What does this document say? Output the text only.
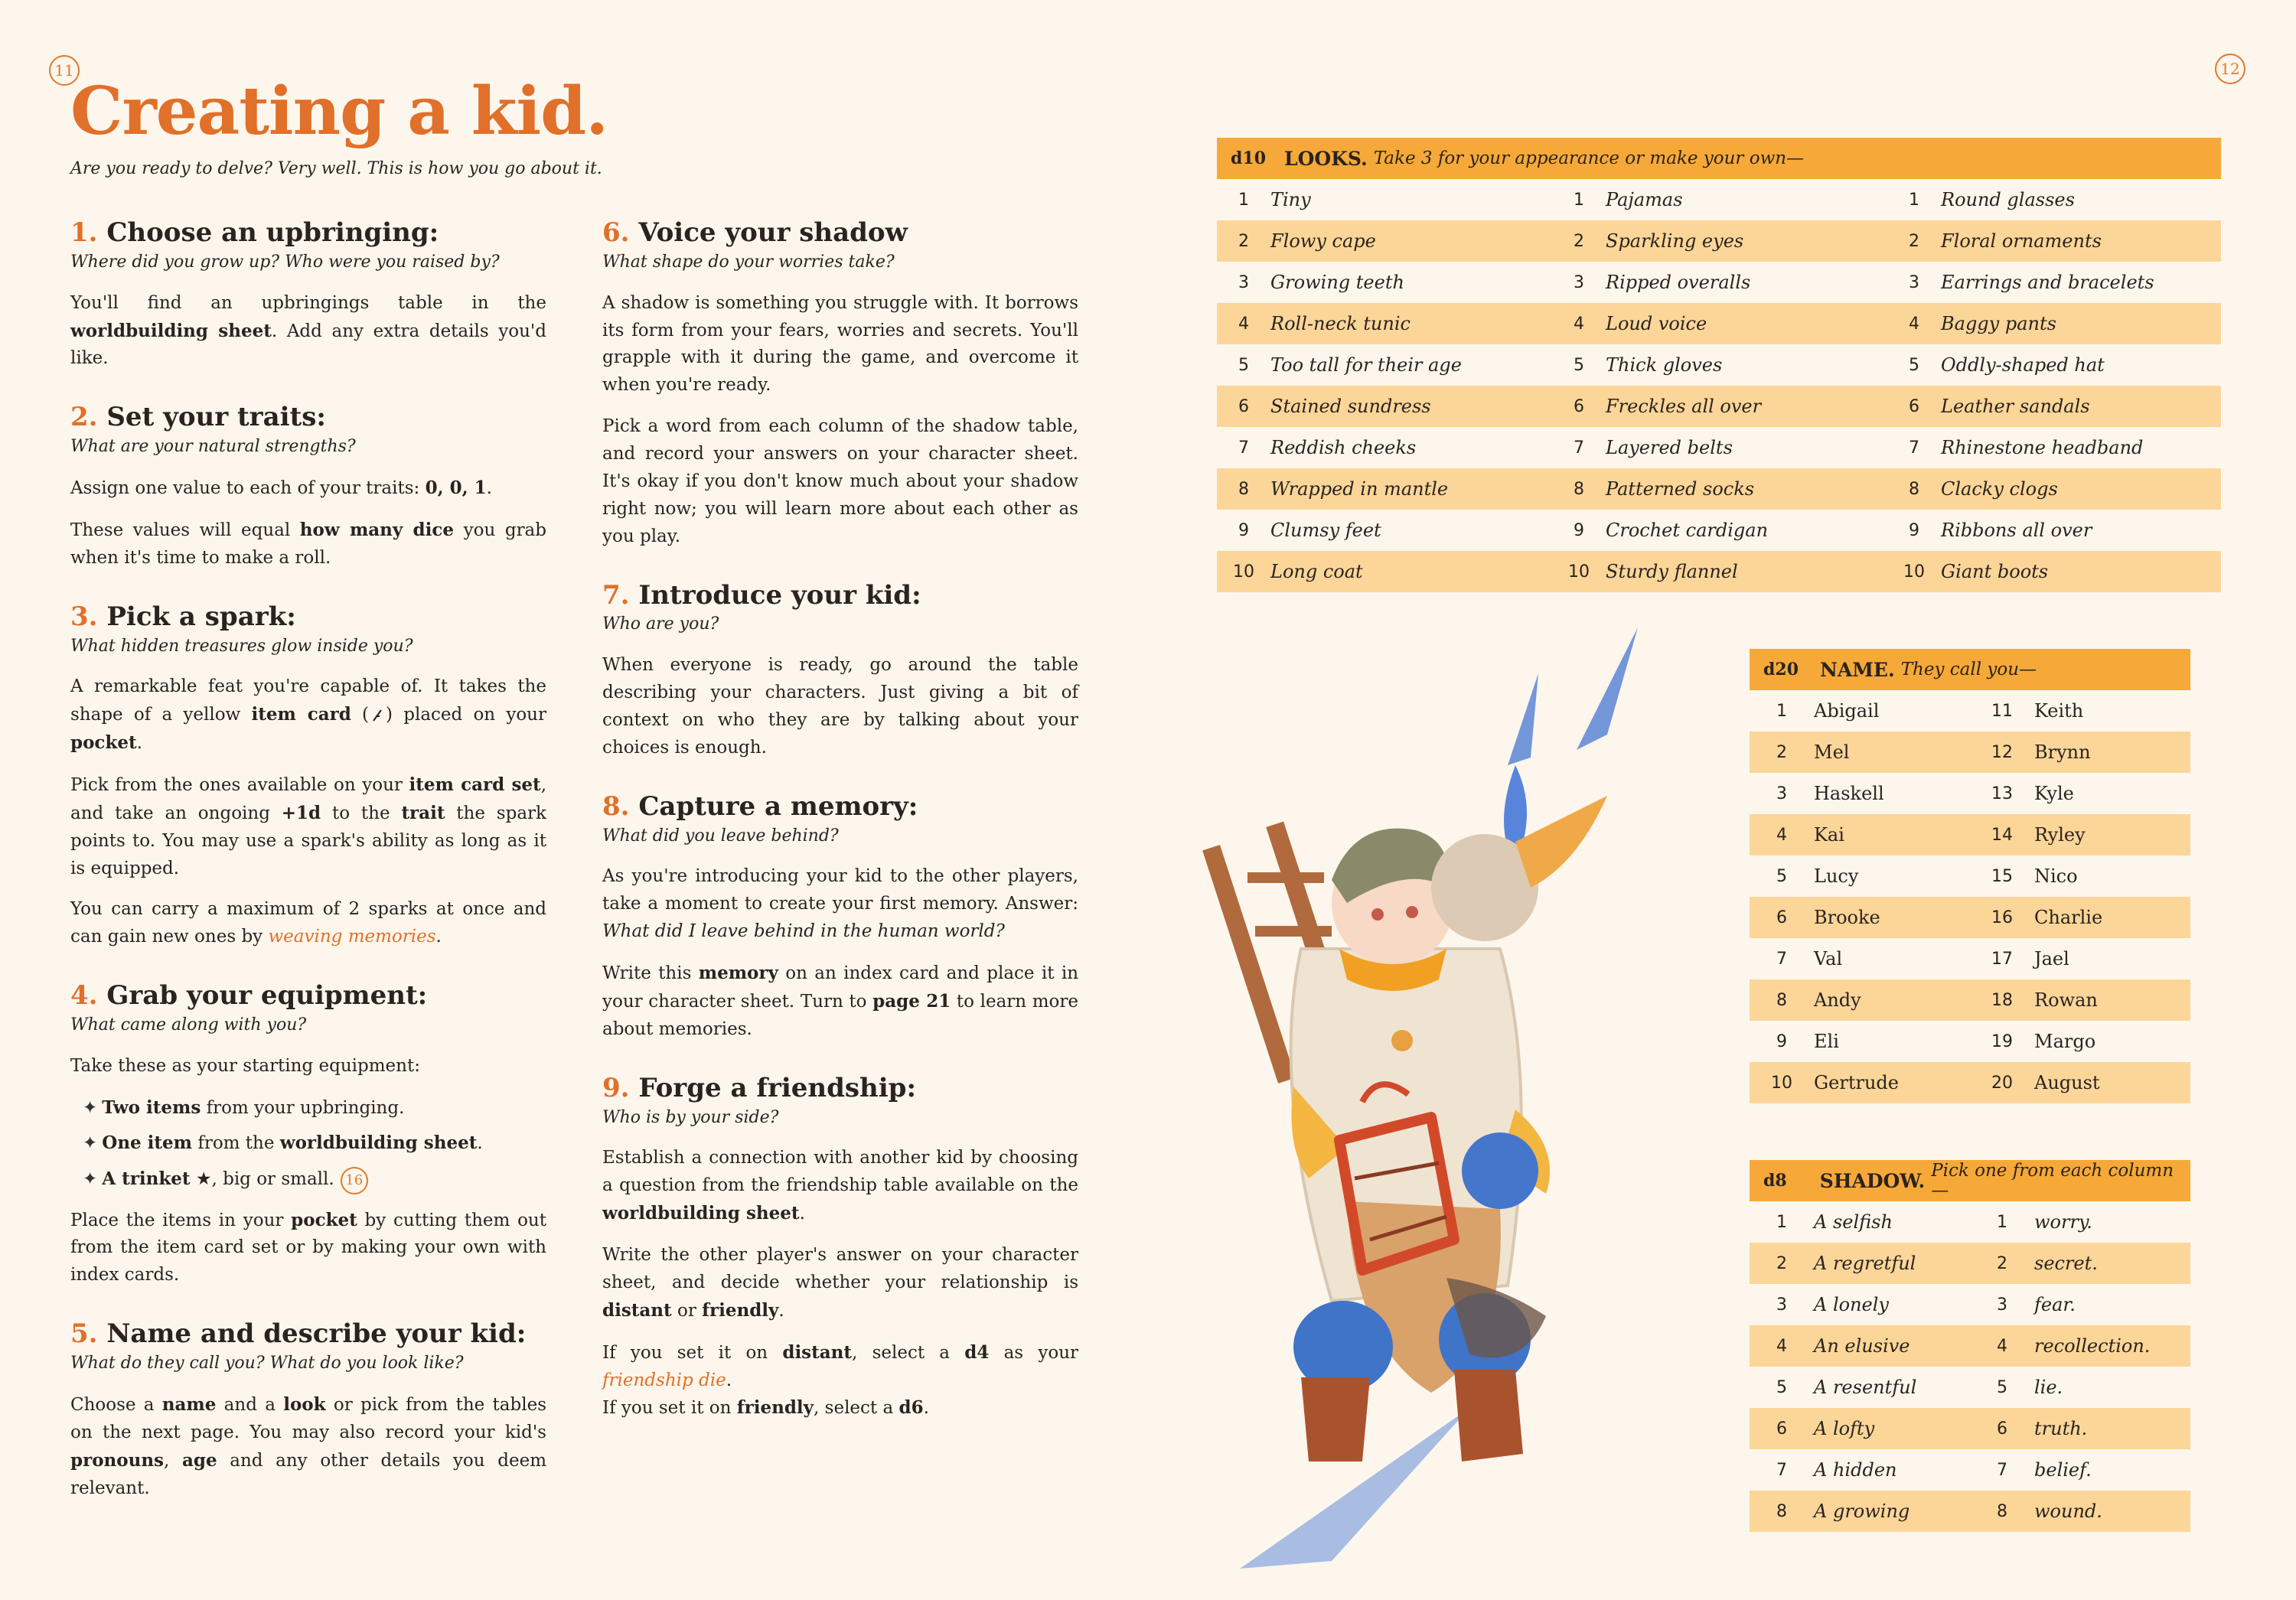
11	12
Creating a kid.

Are you ready to delve? Very well. This is how you go about it.

1. Choose an upbringing:
Where did you grow up? Who were you raised by?

You'll find an upbringings table in the worldbuilding sheet. Add any extra details you'd like.

2. Set your traits:
What are your natural strengths?

Assign one value to each of your traits: 0, 0, 1.

These values will equal how many dice you grab when it's time to make a roll.

3. Pick a spark:
What hidden treasures glow inside you?

A remarkable feat you're capable of. It takes the shape of a yellow item card ( ) placed on your pocket.

Pick from the ones available on your item card set, and take an ongoing +1d to the trait the spark points to. You may use a spark's ability as long as it is equipped.

You can carry a maximum of 2 sparks at once and can gain new ones by weaving memories.

4. Grab your equipment:
What came along with you?

Take these as your starting equipment:

✦ Two items from your upbringing.
✦ One item from the worldbuilding sheet.
✦ A trinket ★, big or small. 16

Place the items in your pocket by cutting them out from the item card set or by making your own with index cards.

5. Name and describe your kid:
What do they call you? What do you look like?

Choose a name and a look or pick from the tables on the next page. You may also record your kid's pronouns, age and any other details you deem relevant.

6. Voice your shadow
What shape do your worries take?

A shadow is something you struggle with. It borrows its form from your fears, worries and secrets. You'll grapple with it during the game, and overcome it when you're ready.

Pick a word from each column of the shadow table, and record your answers on your character sheet. It's okay if you don't know much about your shadow right now; you will learn more about each other as you play.

7. Introduce your kid:
Who are you?

When everyone is ready, go around the table describing your characters. Just giving a bit of context on who they are by talking about your choices is enough.

8. Capture a memory:
What did you leave behind?

As you're introducing your kid to the other players, take a moment to create your first memory. Answer: What did I leave behind in the human world?

Write this memory on an index card and place it in your character sheet. Turn to page 21 to learn more about memories.

9. Forge a friendship:
Who is by your side?

Establish a connection with another kid by choosing a question from the friendship table available on the worldbuilding sheet.

Write the other player's answer on your character sheet, and decide whether your relationship is distant or friendly.

If you set it on distant, select a d4 as your friendship die.
If you set it on friendly, select a d6.

d10 LOOKS. Take 3 for your appearance or make your own—
1	Tiny	1	Pajamas	1	Round glasses
2	Flowy cape	2	Sparkling eyes	2	Floral ornaments
3	Growing teeth	3	Ripped overalls	3	Earrings and bracelets
4	Roll-neck tunic	4	Loud voice	4	Baggy pants
5	Too tall for their age	5	Thick gloves	5	Oddly-shaped hat
6	Stained sundress	6	Freckles all over	6	Leather sandals
7	Reddish cheeks	7	Layered belts	7	Rhinestone headband
8	Wrapped in mantle	8	Patterned socks	8	Clacky clogs
9	Clumsy feet	9	Crochet cardigan	9	Ribbons all over
10 Long coat	10 Sturdy flannel	10 Giant boots
d20	NAME. They call you—
1	Abigail	11	Keith
2	Mel	12	Brynn
3	Haskell	13	Kyle
4	Kai	14	Ryley
5	Lucy	15	Nico
6	Brooke	16	Charlie
7	Val	17	Jael
8	Andy	18	Rowan
9	Eli	19	Margo
10	Gertrude	20	August
d8	SHADOW. Pick one from each column—
1	A selfish	1	worry.
2	A regretful	2	secret.
3	A lonely	3	fear.
4	An elusive	4	recollection.
5	A resentful	5	lie.
6	A lofty	6	truth.
7	A hidden	7	belief.
8	A growing	8	wound.
